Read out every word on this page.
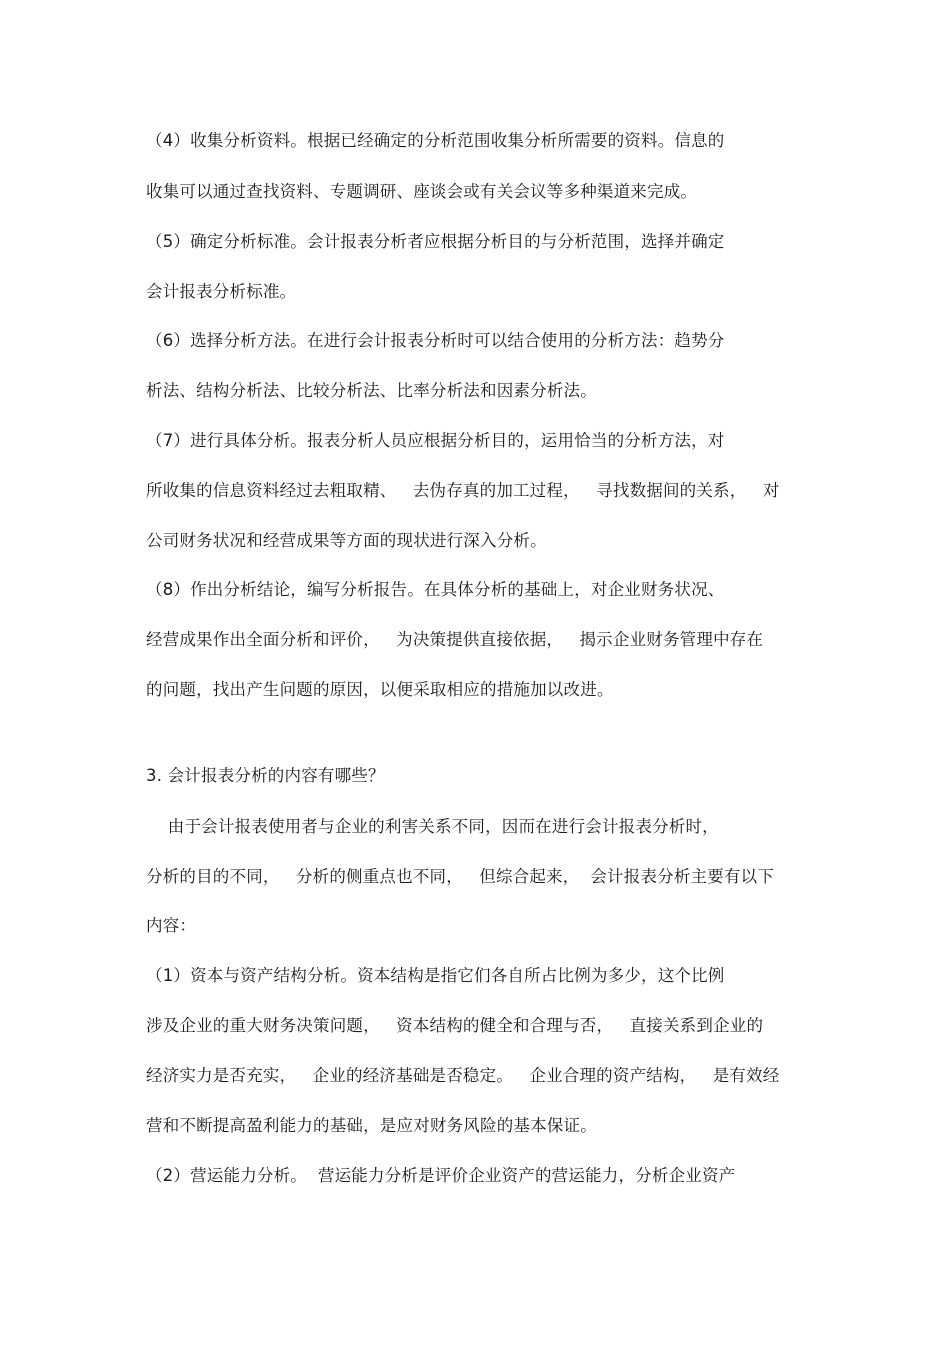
（4）收集分析资料。根据已经确定的分析范围收集分析所需要的资料。信息的
收集可以通过查找资料、专题调研、座谈会或有关会议等多种渠道来完成。
（5）确定分析标准。会计报表分析者应根据分析目的与分析范围，选择并确定
会计报表分析标准。
（6）选择分析方法。在进行会计报表分析时可以结合使用的分析方法：趋势分
析法、结构分析法、比较分析法、比率分析法和因素分析法。
（7）进行具体分析。报表分析人员应根据分析目的，运用恰当的分析方法，对
所收集的信息资料经过去粗取精、   去伪存真的加工过程，   寻找数据间的关系，   对
公司财务状况和经营成果等方面的现状进行深入分析。
（8）作出分析结论，编写分析报告。在具体分析的基础上，对企业财务状况、
经营成果作出全面分析和评价，   为决策提供直接依据，   揭示企业财务管理中存在
的问题，找出产生问题的原因，以便采取相应的措施加以改进。
3. 会计报表分析的内容有哪些？
由于会计报表使用者与企业的利害关系不同，因而在进行会计报表分析时，
分析的目的不同，   分析的侧重点也不同，   但综合起来，  会计报表分析主要有以下
内容：
（1）资本与资产结构分析。资本结构是指它们各自所占比例为多少，这个比例
涉及企业的重大财务决策问题，   资本结构的健全和合理与否，   直接关系到企业的
经济实力是否充实，   企业的经济基础是否稳定。   企业合理的资产结构，   是有效经
营和不断提高盈利能力的基础，是应对财务风险的基本保证。
（2）营运能力分析。  营运能力分析是评价企业资产的营运能力，分析企业资产
